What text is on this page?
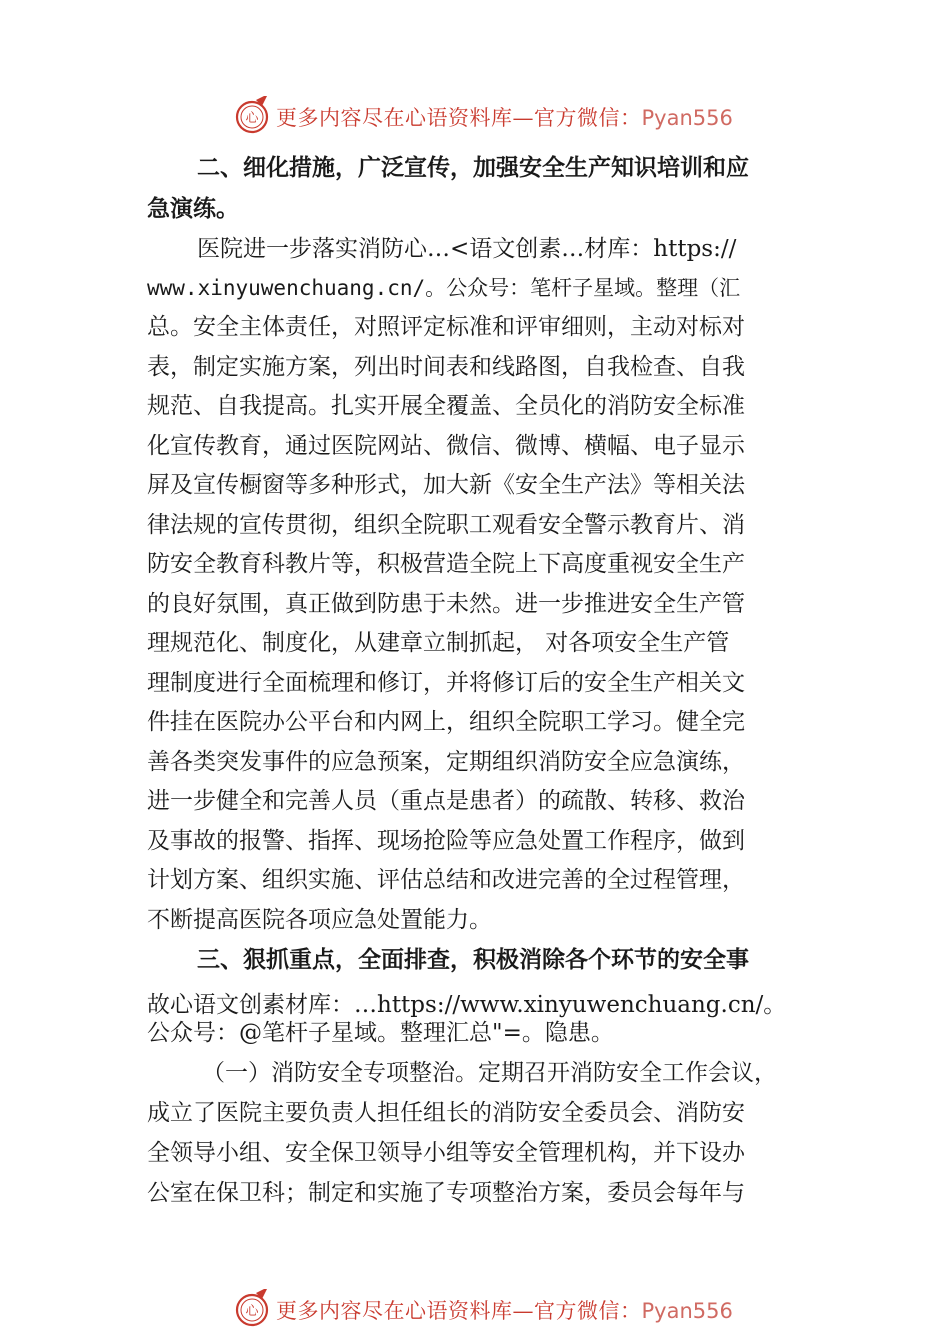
心 更多内容尽在心语资料库—官方微信：Pyan556
二、细化措施，广泛宣传，加强安全生产知识培训和应
急演练。
医院进一步落实消防心…<语文创素…材库：https://
www.xinyuwenchuang.cn/。公众号：笔杆子星域。整理（汇
总。安全主体责任，对照评定标准和评审细则，主动对标对
表，制定实施方案，列出时间表和线路图，自我检查、自我
规范、自我提高。扎实开展全覆盖、全员化的消防安全标准
化宣传教育，通过医院网站、微信、微博、横幅、电子显示
屏及宣传橱窗等多种形式，加大新《安全生产法》等相关法
律法规的宣传贯彻，组织全院职工观看安全警示教育片、消
防安全教育科教片等，积极营造全院上下高度重视安全生产
的良好氛围，真正做到防患于未然。进一步推进安全生产管
理规范化、制度化，从建章立制抓起， 对各项安全生产管
理制度进行全面梳理和修订，并将修订后的安全生产相关文
件挂在医院办公平台和内网上，组织全院职工学习。健全完
善各类突发事件的应急预案，定期组织消防安全应急演练，
进一步健全和完善人员（重点是患者）的疏散、转移、救治
及事故的报警、指挥、现场抢险等应急处置工作程序，做到
计划方案、组织实施、评估总结和改进完善的全过程管理，
不断提高医院各项应急处置能力。
三、狠抓重点，全面排查，积极消除各个环节的安全事
故心语文创素材库：…https://www.xinyuwenchuang.cn/。
公众号：@笔杆子星域。整理汇总"=。隐患。
（一）消防安全专项整治。定期召开消防安全工作会议，
成立了医院主要负责人担任组长的消防安全委员会、消防安
全领导小组、安全保卫领导小组等安全管理机构，并下设办
公室在保卫科；制定和实施了专项整治方案，委员会每年与
心 更多内容尽在心语资料库—官方微信：Pyan556
